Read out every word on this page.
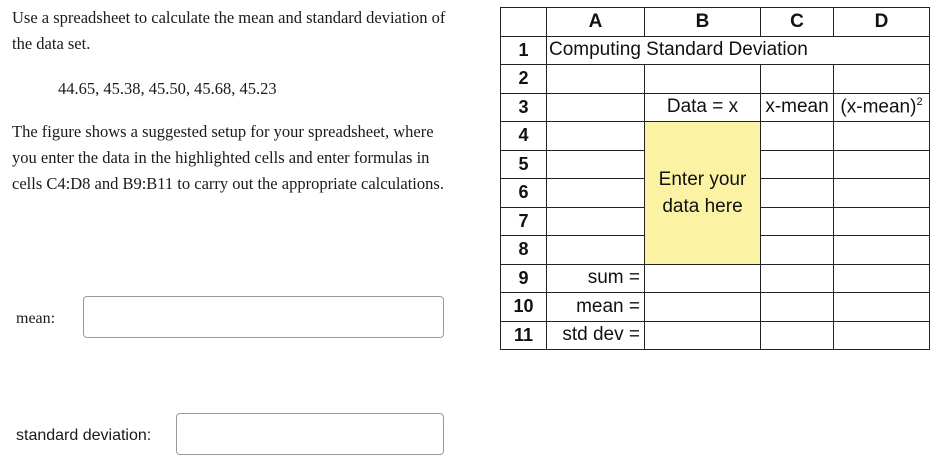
Use a spreadsheet to calculate the mean and standard deviation of the data set.

44.65, 45.38, 45.50, 45.68, 45.23

The figure shows a suggested setup for your spreadsheet, where you enter the data in the highlighted cells and enter formulas in cells C4:D8 and B9:B11 to carry out the appropriate calculations.

mean:
standard deviation:
	A	B	C	D
1	Computing Standard Deviation			
2				
3		Data = x	x-mean	(x-mean)$^2$
4		Enter your
data here		

5				
6				
7				
8				
9	sum =			
10	mean =			
11	std dev =			
